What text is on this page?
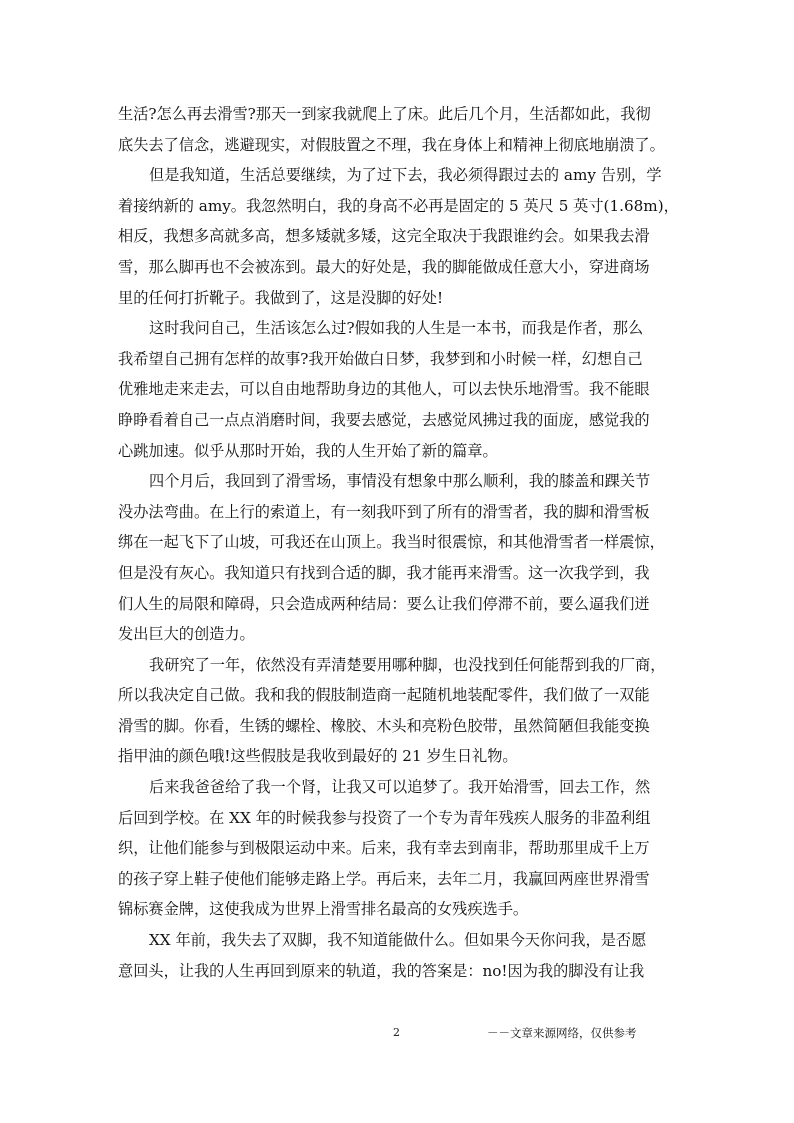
生活?怎么再去滑雪?那天一到家我就爬上了床。此后几个月，生活都如此，我彻
底失去了信念，逃避现实，对假肢置之不理，我在身体上和精神上彻底地崩溃了。
但是我知道，生活总要继续，为了过下去，我必须得跟过去的 amy 告别，学
着接纳新的 amy。我忽然明白，我的身高不必再是固定的 5 英尺 5 英寸(1.68m)，
相反，我想多高就多高，想多矮就多矮，这完全取决于我跟谁约会。如果我去滑
雪，那么脚再也不会被冻到。最大的好处是，我的脚能做成任意大小，穿进商场
里的任何打折靴子。我做到了，这是没脚的好处!
这时我问自己，生活该怎么过?假如我的人生是一本书，而我是作者，那么
我希望自己拥有怎样的故事?我开始做白日梦，我梦到和小时候一样，幻想自己
优雅地走来走去，可以自由地帮助身边的其他人，可以去快乐地滑雪。我不能眼
睁睁看着自己一点点消磨时间，我要去感觉，去感觉风拂过我的面庞，感觉我的
心跳加速。似乎从那时开始，我的人生开始了新的篇章。
四个月后，我回到了滑雪场，事情没有想象中那么顺利，我的膝盖和踝关节
没办法弯曲。在上行的索道上，有一刻我吓到了所有的滑雪者，我的脚和滑雪板
绑在一起飞下了山坡，可我还在山顶上。我当时很震惊，和其他滑雪者一样震惊，
但是没有灰心。我知道只有找到合适的脚，我才能再来滑雪。这一次我学到，我
们人生的局限和障碍，只会造成两种结局：要么让我们停滞不前，要么逼我们迸
发出巨大的创造力。
我研究了一年，依然没有弄清楚要用哪种脚，也没找到任何能帮到我的厂商，
所以我决定自己做。我和我的假肢制造商一起随机地装配零件，我们做了一双能
滑雪的脚。你看，生锈的螺栓、橡胶、木头和亮粉色胶带，虽然简陋但我能变换
指甲油的颜色哦!这些假肢是我收到最好的 21 岁生日礼物。
后来我爸爸给了我一个肾，让我又可以追梦了。我开始滑雪，回去工作，然
后回到学校。在 XX 年的时候我参与投资了一个专为青年残疾人服务的非盈利组
织，让他们能参与到极限运动中来。后来，我有幸去到南非，帮助那里成千上万
的孩子穿上鞋子使他们能够走路上学。再后来，去年二月，我赢回两座世界滑雪
锦标赛金牌，这使我成为世界上滑雪排名最高的女残疾选手。
XX 年前，我失去了双脚，我不知道能做什么。但如果今天你问我，是否愿
意回头，让我的人生再回到原来的轨道，我的答案是：no!因为我的脚没有让我
2	－－文章来源网络，仅供参考
